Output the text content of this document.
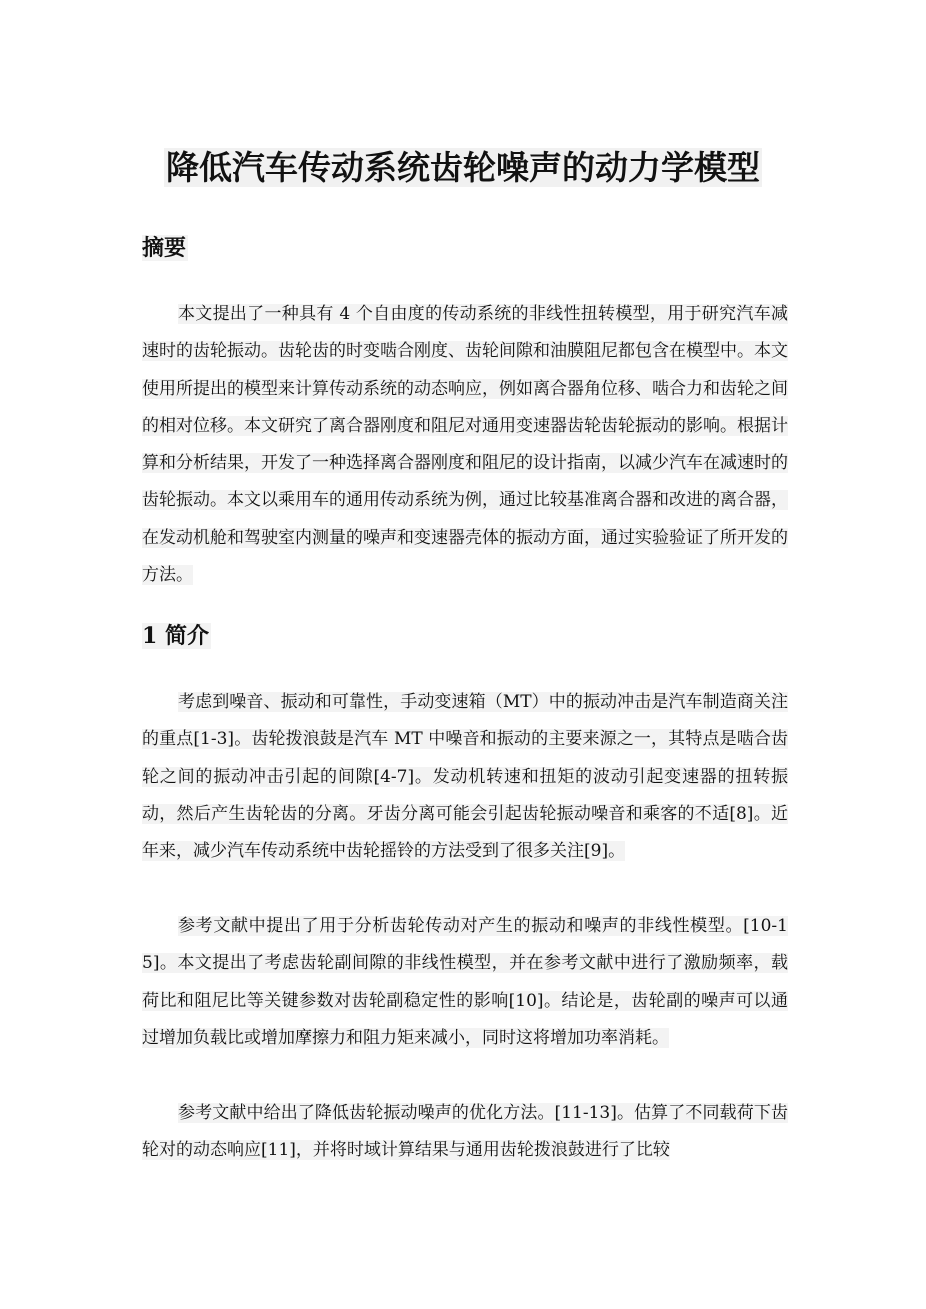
降低汽车传动系统齿轮噪声的动力学模型
摘要

本文提出了一种具有 4 个自由度的传动系统的非线性扭转模型，用于研究汽车减速时的齿轮振动。齿轮齿的时变啮合刚度、齿轮间隙和油膜阻尼都包含在模型中。本文使用所提出的模型来计算传动系统的动态响应，例如离合器角位移、啮合力和齿轮之间的相对位移。本文研究了离合器刚度和阻尼对通用变速器齿轮齿轮振动的影响。根据计算和分析结果，开发了一种选择离合器刚度和阻尼的设计指南，以减少汽车在减速时的齿轮振动。本文以乘用车的通用传动系统为例，通过比较基准离合器和改进的离合器，在发动机舱和驾驶室内测量的噪声和变速器壳体的振动方面，通过实验验证了所开发的方法。

1 简介

考虑到噪音、振动和可靠性，手动变速箱（MT）中的振动冲击是汽车制造商关注的重点[1-3]。齿轮拨浪鼓是汽车 MT 中噪音和振动的主要来源之一，其特点是啮合齿轮之间的振动冲击引起的间隙[4-7]。发动机转速和扭矩的波动引起变速器的扭转振动，然后产生齿轮齿的分离。牙齿分离可能会引起齿轮振动噪音和乘客的不适[8]。近年来，减少汽车传动系统中齿轮摇铃的方法受到了很多关注[9]。

参考文献中提出了用于分析齿轮传动对产生的振动和噪声的非线性模型。[10-15]。本文提出了考虑齿轮副间隙的非线性模型，并在参考文献中进行了激励频率，载荷比和阻尼比等关键参数对齿轮副稳定性的影响[10]。结论是，齿轮副的噪声可以通过增加负载比或增加摩擦力和阻力矩来减小，同时这将增加功率消耗。

参考文献中给出了降低齿轮振动噪声的优化方法。[11-13]。估算了不同载荷下齿轮对的动态响应[11]，并将时域计算结果与通用齿轮拨浪鼓进行了比较
